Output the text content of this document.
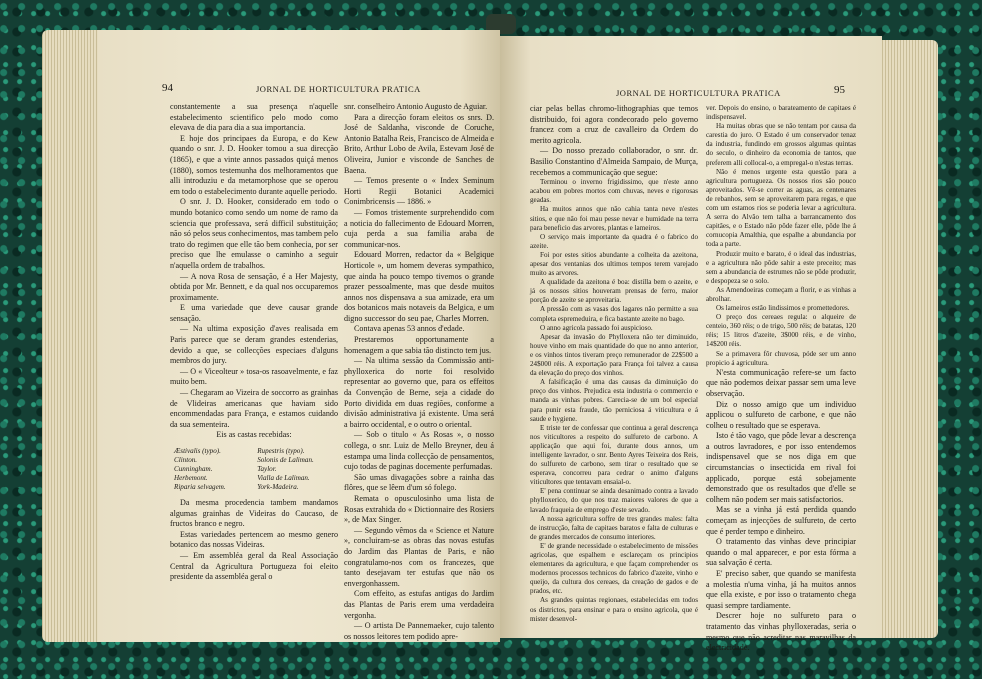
94	JORNAL DE HORTICULTURA PRATICA

constantemente a sua presença n'aquelle estabelecimento scientifico pelo modo como elevava de dia para dia a sua importancia.

E hoje dos principaes da Europa, e do Kew quando o snr. J. D. Hooker tomou a sua direcção (1865), e que a vinte annos passados quiçá menos (1880), somos testemunha dos melhoramentos que alli introduziu e da metamorphose que se operou em todo o estabelecimento durante aquelle periodo.

O snr. J. D. Hooker, considerado em todo o mundo botanico como sendo um nome de ramo da sciencia que professava, será difficil substituição; não só pelos seus conhecimentos, mas tambem pelo trato do regimen que elle tão bem conhecia, por ser preciso que lhe emulasse o caminho a seguir n'aquella ordem de trabalhos.

— A nova Rosa de sensação, é a Her Majesty, obtida por Mr. Bennett, e da qual nos occuparemos proximamente.

E uma variedade que deve causar grande sensação.

— Na ultima exposição d'aves realisada em Paris parece que se deram grandes estenderias, devido a que, se collecções especiaes d'alguns membros do jury.

— O « Viceolteur » tosa-os rasoavelmente, e faz muito bem.

— Chegaram ao Vizeira de soccorro as grainhas de Vlideiras americanas que haviam sido encommendadas para França, e estamos cuidando da sua sementeira.

Eis as castas recebidas:

Æstivalis (typo).
Clinton.
Cunningham.
Herbemont.
Riparia selvagem.
Rupestris (typo).
Solonis de Laliman.
Taylor.
Vialla de Laliman.
York-Madeira.

Da mesma procedencia tambem mandamos algumas grainhas de Videiras do Caucaso, de fructos branco e negro.

Estas variedades pertencem ao mesmo genero botanico das nossas Videiras.

— Em assembléa geral da Real Associação Central da Agricultura Portugueza foi eleito presidente da assembléa geral o

snr. conselheiro Antonio Augusto de Aguiar.

Para a direcção foram eleitos os snrs. D. José de Saldanha, visconde de Coruche, Antonio Batalha Reis, Francisco de Almeida e Brito, Arthur Lobo de Avila, Estevam José de Oliveira, Junior e visconde de Sanches de Baena.

— Temos presente o « Index Seminum Horti Regii Botanici Academici Conimbricensis — 1886. »

— Fomos tristemente surprehendido com a noticia do fallecimento de Edouard Morren, cuja perda a sua familia araba de communicar-nos.

Edouard Morren, redactor da « Belgique Horticole », um homem deveras sympathico, que ainda ha pouco tempo tivemos o grande prazer pessoalmente, mas que desde muitos annos nos dispensava a sua amizade, era um dos botanicos mais notaveis da Belgica, e um digno successor do seu pae, Charles Morren.

Contava apenas 53 annos d'edade.

Prestaremos opportunamente a homenagem a que sabia tão distincto tem jus.

— Na ultima sessão da Commissão anti-phylloxerica do norte foi resolvido representar ao governo que, para os effeitos da Convenção de Berne, seja a cidade do Porto dividida em duas regiões, conforme a divisão administrativa já existente. Uma será a bairro occidental, e o outro o oriental.

— Sob o titulo « As Rosas », o nosso collega, o snr. Luiz de Mello Breyner, deu á estampa uma linda collecção de pensamentos, cujo todas de paginas docemente perfumadas.

São umas divagações sobre a rainha das flôres, que se lêem d'um só folego.

Remata o opusculosinho uma lista de Rosas extrahida do « Dictionnaire des Rosiers », de Max Singer.

— Segundo vêmos da « Science et Nature », concluiram-se as obras das novas estufas do Jardim das Plantas de Paris, e não congratulamo-nos com os francezes, que tanto desejavam ter estufas que não os envergonhassem.

Com effeito, as estufas antigas do Jardim das Plantas de Paris erem uma verdadeira vergonha.

— O artista De Pannemaeker, cujo talento os nossos leitores tem podido apre-

JORNAL DE HORTICULTURA PRATICA	95

ciar pelas bellas chromo-lithographias que temos distribuido, foi agora condecorado pelo governo francez com a cruz de cavalleiro da Ordem do merito agricola.

— Do nosso prezado collaborador, o snr. dr. Basilio Constantino d'Almeida Sampaio, de Murça, recebemos a communicação que segue:

Terminou o inverno frigidissimo, que n'este anno acabou em pobres mortos com chuvas, neves e rigorosas geadas.

Ha muitos annos que não cahia tanta neve n'estes sitios, e que não foi mau pesse nevar e humidade na terra para beneficio das arvores, plantas e lameiros.

O serviço mais importante da quadra é o fabrico do azeite.

Foi por estes sitios abundante a colheita da azeitona, apesar dos ventanias dos ultimos tempos terem varejado muito as arvores.

A qualidade da azeitona é boa: distilla bem o azeite, e já os nossos sitios houveram prensas de ferro, maior porção de azeite se aproveitaria.

A pressão com as vasas dos lagares não permitte a sua completa espremeduira, e fica bastante azeite no bago.

O anno agricola passado foi auspicioso.

Apesar da invasão do Phylloxera não ter diminuido, houve vinho em mais quantidade do que no anno anterior, e os vinhos tintos tiveram preço remunerador de 22$500 a 24$000 réis. A exportação para França foi talvez a causa da elevação do preço dos vinhos.

A falsificação é uma das causas da diminuição do preço dos vinhos. Prejudica esta industria o commercio e manda as vinhas pobres. Carecia-se de um bol especial para punir esta fraude, tão perniciosa á viticultura e á saude e hygiene.

E triste ter de confessar que continua a geral descrença nos viticultores a respeito do sulfureto de carbono. A applicação que aqui foi, durante dous annos, um intelligente lavrador, o snr. Bento Ayres Teixeira dos Reis, do sulfureto de carbono, sem tirar o resultado que se esperava, concorreu para cedrar o animo d'alguns viticultores que tentavam ensaial-o.

E' pena continuar se ainda desanimado contra a lavado phylloxerico, do que nos traz maiores valores de que a lavado fraqueia de emprego d'este sevado.

A nossa agricultura soffre de tres grandes males: falta de instrucção, falta de capitaes baratos e falta de culturas e de grandes mercados de consumo interiores.

E' de grande necessidade o estabelecimento de missões agricolas, que espalhem e esclareçam os principios elementares da agricultura, e que façam comprehender os modernos processos technicos do fabrico d'azeite, vinho e queijo, da cultura dos cereaes, da creação de gados e de prados, etc.

As grandes quintas regionaes, estabelecidas em todos os districtos, para ensinar e para o ensino agricola, que é mister desenvol-

ver. Depois do ensino, o barateamento de capitaes é indispensavel.

Ha muitas obras que se não tentam por causa da carestia do juro. O Estado é um conservador tenaz da industria, fundindo em grossos algumas quintas do seculo, o dinheiro da economia de tantos, que preferem alli collocal-o, a empregal-o n'estas terras.

Não é menos urgente esta questão para a agricultura portugueza. Os nossos rios são pouco aproveitados. Vê-se correr as aguas, as centenares de rebanhos, sem se aproveitarem para regas, e que com um estamos rios se poderia levar a agricultura. A serra do Alvão tem talha a barrancamento dos capitães, e o Estado não pôde fazer elle, pôde lhe á cornucopia Amalthia, que espalhe a abundancia por toda a parte.

Produzir muito e barato, é o ideal das industrias, e a agricultura não pôde sahir a este preceito; mas sem a abundancia de estrumes não se pôde produzir, e despopeza se o solo.

As Amendoeiras começam a florir, e as vinhas a abrolhar.

Os lameiros estão lindissimos e promettedores.

O preço dos cereaes regula: o alqueire de centeio, 360 réis; o de trigo, 500 réis; de batatas, 120 réis; 15 litros d'azeite, 3$000 réis, e de vinho, 14$200 réis.

Se a primavera fôr chuvosa, póde ser um anno propicio á agricultura.

N'esta communicação refere-se um facto que não podemos deixar passar sem uma leve observação.

Diz o nosso amigo que um individuo applicou o sulfureto de carbone, e que não colheu o resultado que se esperava.

Isto é tão vago, que pôde levar a descrença a outros lavradores, e por isso entendemos indispensavel que se nos diga em que circumstancias o insecticida em rival foi applicado, porque está sobejamente demonstrado que os resultados que d'elle se colhem não podem ser mais satisfactorios.

Mas se a vinha já está perdida quando começam as injecções de sulfureto, de certo que é perder tempo e dinheiro.

O tratamento das vinhas deve principiar quando o mal apparecer, e por esta fórma a sua salvação é certa.

E' preciso saber, que quando se manifesta a molestia n'uma vinha, já ha muitos annos que ella existe, e por isso o tratamento chega quasi sempre tardiamente.

Descrer hoje no sulfureto para o tratamento das vinhas phylloxeradas, seria o mesmo que não acreditar nas maravilhas da electricidade.
